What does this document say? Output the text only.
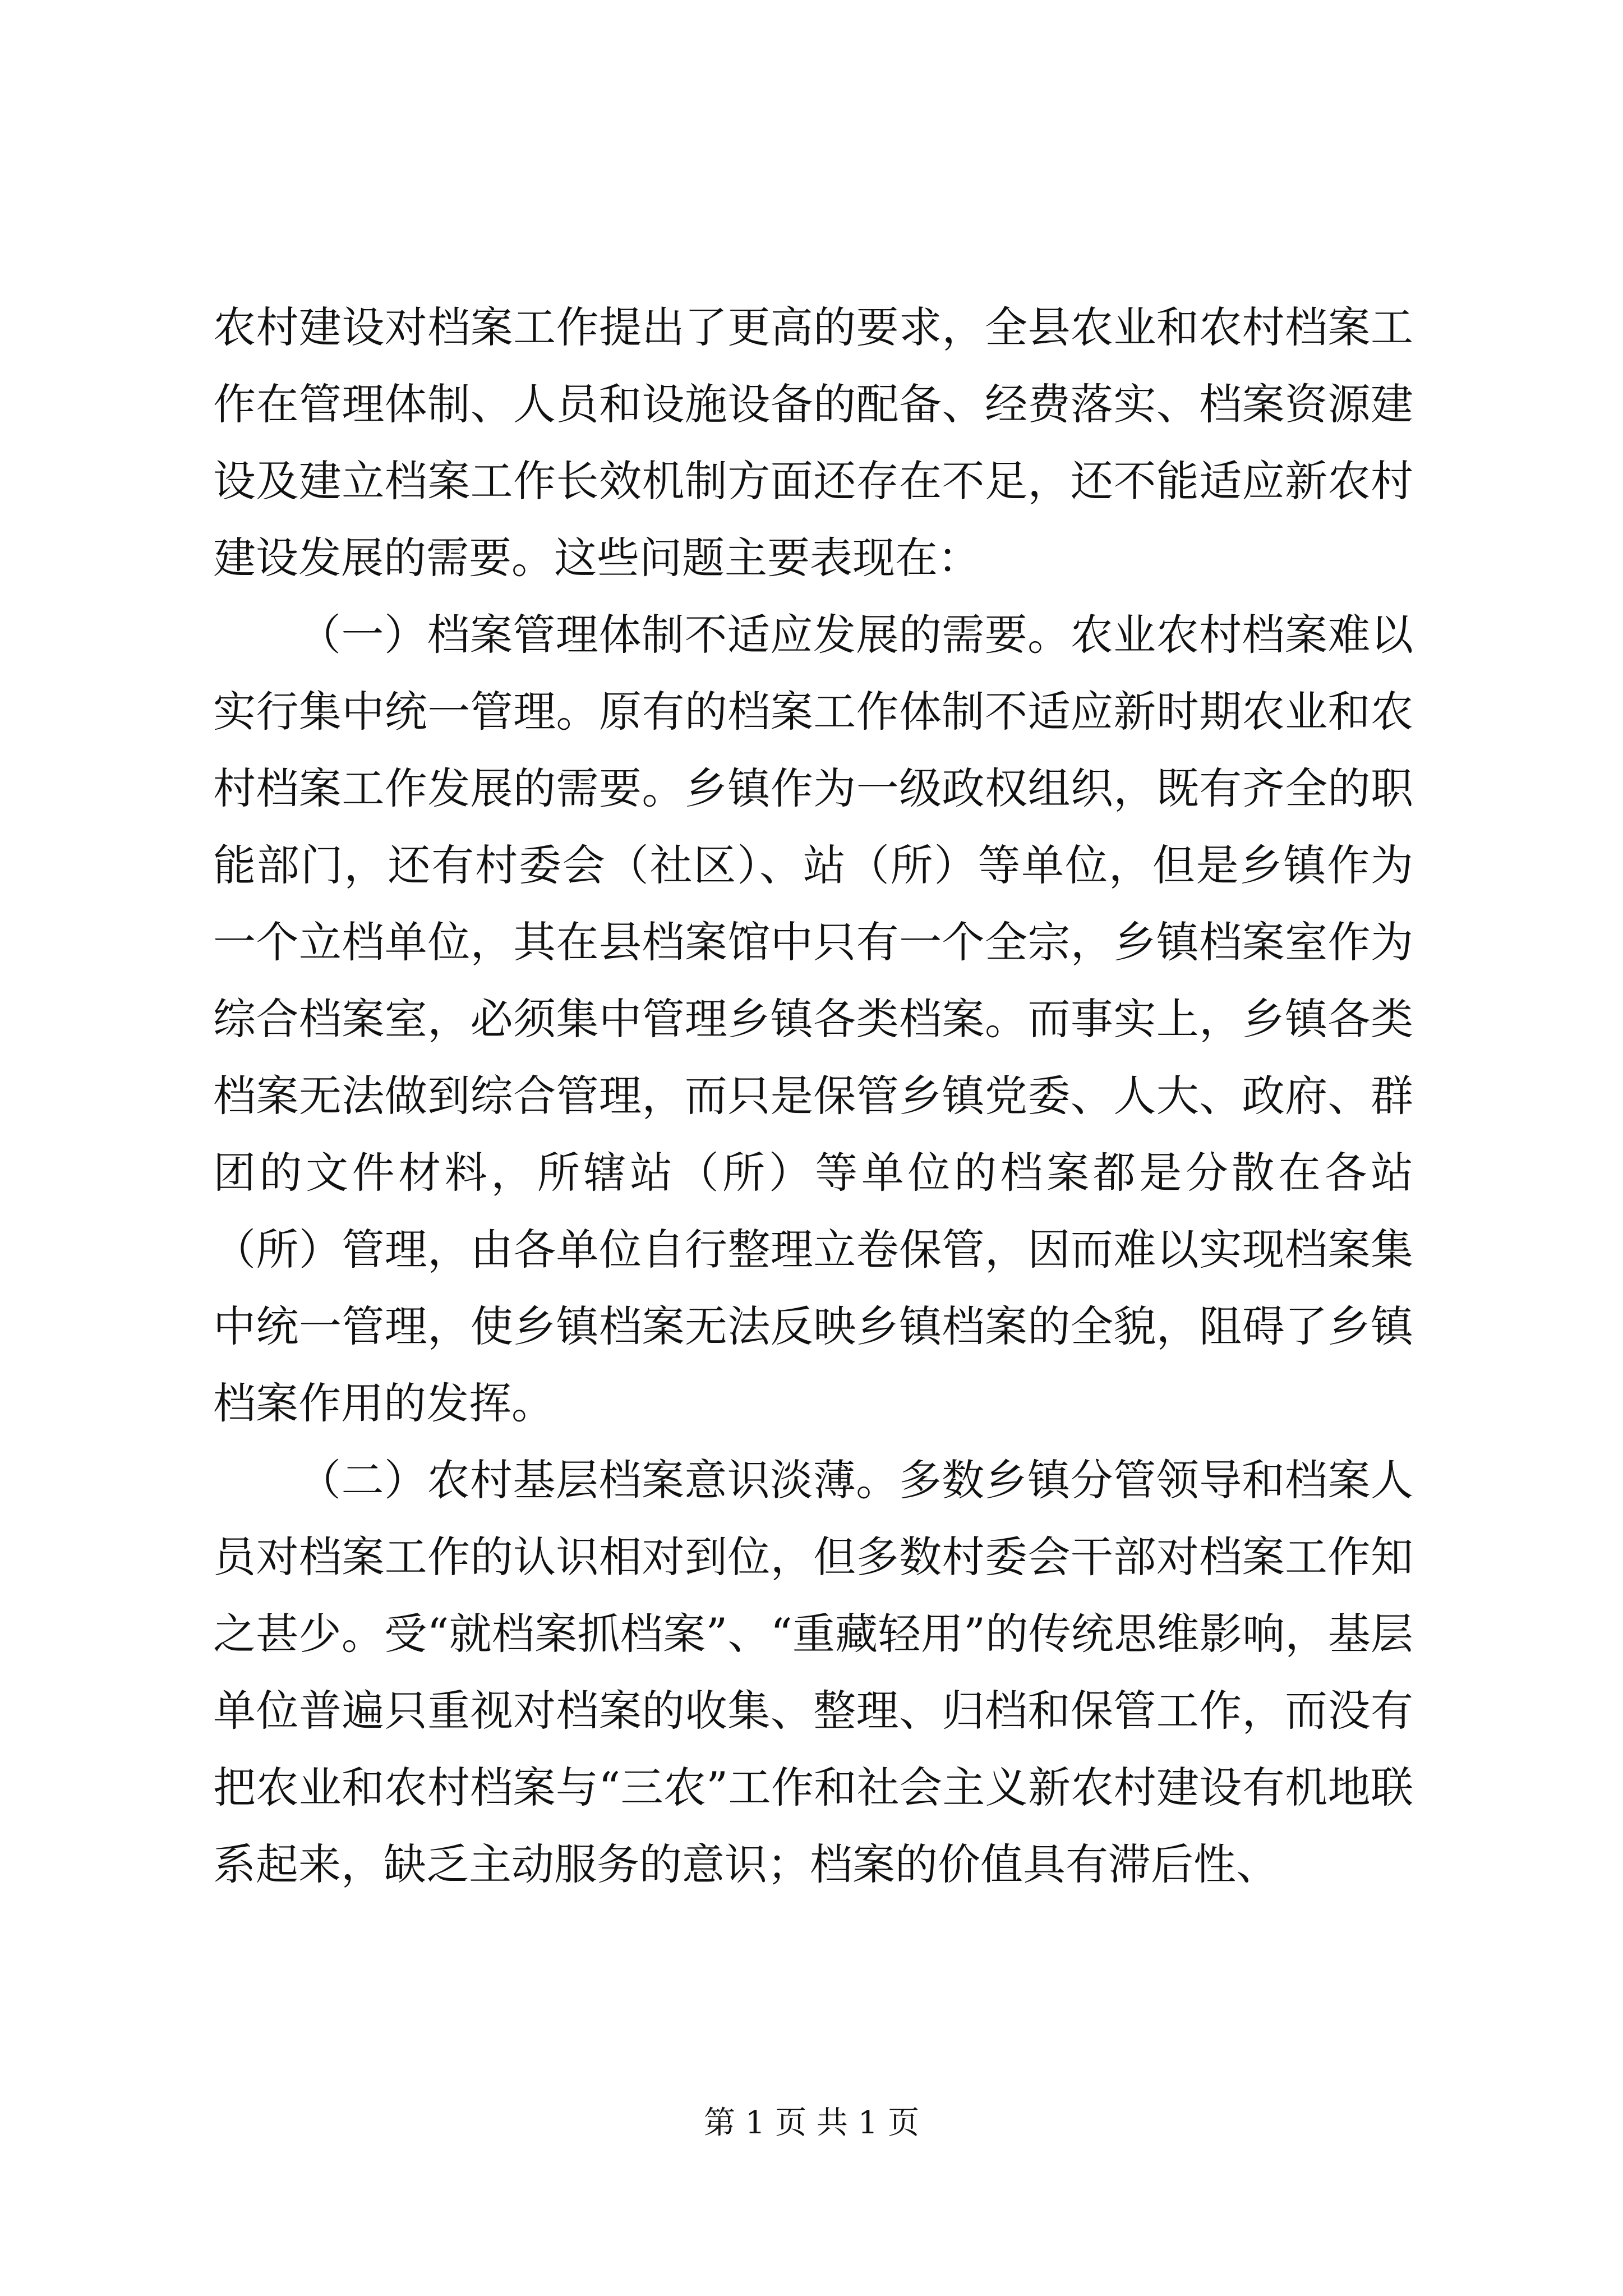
农村建设对档案工作提出了更高的要求，全县农业和农村档案工作在管理体制、人员和设施设备的配备、经费落实、档案资源建设及建立档案工作长效机制方面还存在不足，还不能适应新农村建设发展的需要。这些问题主要表现在：

（一）档案管理体制不适应发展的需要。农业农村档案难以实行集中统一管理。原有的档案工作体制不适应新时期农业和农村档案工作发展的需要。乡镇作为一级政权组织，既有齐全的职能部门，还有村委会（社区）、站（所）等单位，但是乡镇作为一个立档单位，其在县档案馆中只有一个全宗，乡镇档案室作为综合档案室，必须集中管理乡镇各类档案。而事实上，乡镇各类档案无法做到综合管理，而只是保管乡镇党委、人大、政府、群团的文件材料，所辖站（所）等单位的档案都是分散在各站（所）管理，由各单位自行整理立卷保管，因而难以实现档案集中统一管理，使乡镇档案无法反映乡镇档案的全貌，阻碍了乡镇档案作用的发挥。

（二）农村基层档案意识淡薄。多数乡镇分管领导和档案人员对档案工作的认识相对到位，但多数村委会干部对档案工作知之甚少。受“就档案抓档案”、“重藏轻用”的传统思维影响，基层单位普遍只重视对档案的收集、整理、归档和保管工作，而没有把农业和农村档案与“三农”工作和社会主义新农村建设有机地联系起来，缺乏主动服务的意识；档案的价值具有滞后性、

第 1 页 共 1 页
